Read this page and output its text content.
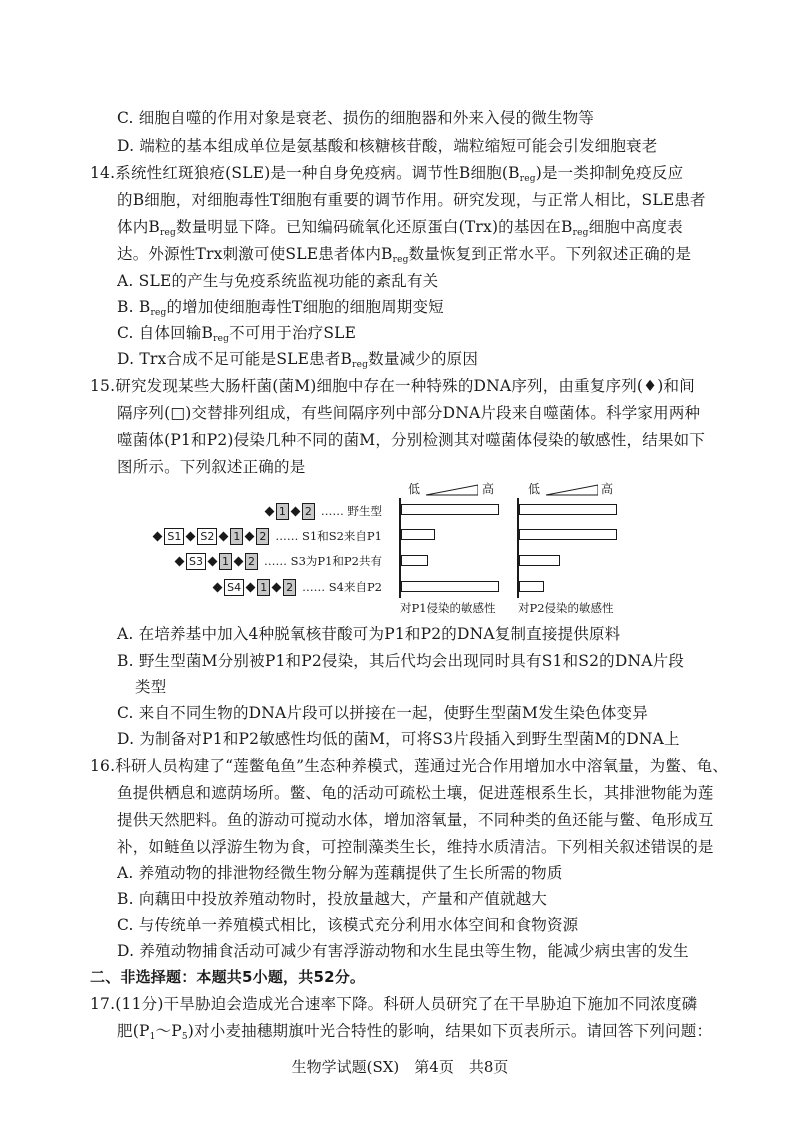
C. 细胞自噬的作用对象是衰老、损伤的细胞器和外来入侵的微生物等
D. 端粒的基本组成单位是氨基酸和核糖核苷酸，端粒缩短可能会引发细胞衰老
14.系统性红斑狼疮(SLE)是一种自身免疫病。调节性B细胞$(B_{reg})$是一类抑制免疫反应
的B细胞，对细胞毒性T细胞有重要的调节作用。研究发现，与正常人相比，SLE患者
体内$B_{reg}$数量明显下降。已知编码硫氧化还原蛋白(Trx)的基因在$B_{reg}$细胞中高度表
达。外源性Trx刺激可使SLE患者体内$B_{reg}$数量恢复到正常水平。下列叙述正确的是
A. SLE的产生与免疫系统监视功能的紊乱有关
B. $B_{reg}$的增加使细胞毒性T细胞的细胞周期变短
C. 自体回输$B_{reg}$不可用于治疗SLE
D. Trx合成不足可能是SLE患者$B_{reg}$数量减少的原因
15.研究发现某些大肠杆菌(菌M)细胞中存在一种特殊的DNA序列，由重复序列(♦)和间
隔序列(□)交替排列组成，有些间隔序列中部分DNA片段来自噬菌体。科学家用两种
噬菌体(P1和P2)侵染几种不同的菌M，分别检测其对噬菌体侵染的敏感性，结果如下
图所示。下列叙述正确的是
1 2 …… 野生型
S1 S2 1 2 …… S1和S2来自P1
S3 1 2 …… S3为P1和P2共有
S4 1 2 …… S4来自P2
低	高
对P1侵染的敏感性
低	高
对P2侵染的敏感性
A. 在培养基中加入4种脱氧核苷酸可为P1和P2的DNA复制直接提供原料
B. 野生型菌M分别被P1和P2侵染，其后代均会出现同时具有S1和S2的DNA片段
类型
C. 来自不同生物的DNA片段可以拼接在一起，使野生型菌M发生染色体变异
D. 为制备对P1和P2敏感性均低的菌M，可将S3片段插入到野生型菌M的DNA上
16.科研人员构建了“莲鳖龟鱼”生态种养模式，莲通过光合作用增加水中溶氧量，为鳖、龟、
鱼提供栖息和遮荫场所。鳖、龟的活动可疏松土壤，促进莲根系生长，其排泄物能为莲
提供天然肥料。鱼的游动可搅动水体，增加溶氧量，不同种类的鱼还能与鳖、龟形成互
补，如鲢鱼以浮游生物为食，可控制藻类生长，维持水质清洁。下列相关叙述错误的是
A. 养殖动物的排泄物经微生物分解为莲藕提供了生长所需的物质
B. 向藕田中投放养殖动物时，投放量越大，产量和产值就越大
C. 与传统单一养殖模式相比，该模式充分利用水体空间和食物资源
D. 养殖动物捕食活动可减少有害浮游动物和水生昆虫等生物，能减少病虫害的发生
二、非选择题：本题共5小题，共52分。
17.(11分)干旱胁迫会造成光合速率下降。科研人员研究了在干旱胁迫下施加不同浓度磷
肥$(P_1\sim P_5)$对小麦抽穗期旗叶光合特性的影响，结果如下页表所示。请回答下列问题：
生物学试题(SX)　第4页　共8页
